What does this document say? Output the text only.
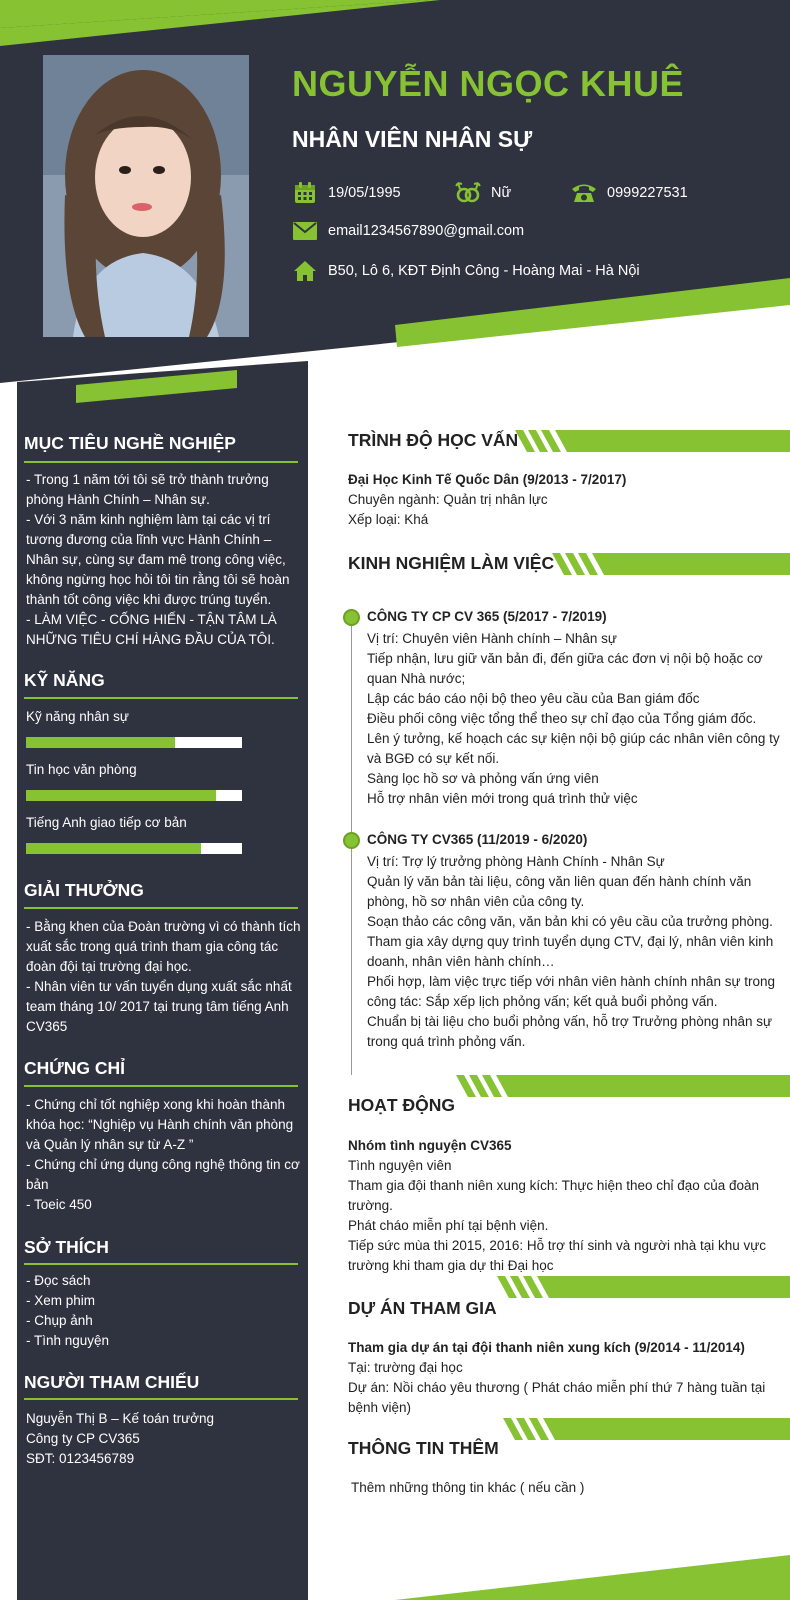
NGUYỄN NGỌC KHUÊ
NHÂN VIÊN NHÂN SỰ
19/05/1995	Nữ	0999227531
email1234567890@gmail.com
B50, Lô 6, KĐT Định Công - Hoàng Mai - Hà Nội
MỤC TIÊU NGHỀ NGHIỆP

- Trong 1 năm tới tôi sẽ trở thành trưởng phòng Hành Chính – Nhân sự.

- Với 3 năm kinh nghiệm làm tại các vị trí tương đương của lĩnh vực Hành Chính – Nhân sự, cùng sự đam mê trong công việc, không ngừng học hỏi tôi tin rằng tôi sẽ hoàn thành tốt công việc khi được trúng tuyển.

- LÀM VIỆC - CỐNG HIẾN - TẬN TÂM LÀ NHỮNG TIÊU CHÍ HÀNG ĐẦU CỦA TÔI.

KỸ NĂNG
Kỹ năng nhân sự
Tin học văn phòng
Tiếng Anh giao tiếp cơ bản
GIẢI THƯỞNG

- Bằng khen của Đoàn trường vì có thành tích xuất sắc trong quá trình tham gia công tác đoàn đội tại trường đại học.

- Nhân viên tư vấn tuyển dụng xuất sắc nhất team tháng 10/ 2017 tại trung tâm tiếng Anh CV365

CHỨNG CHỈ

- Chứng chỉ tốt nghiệp xong khi hoàn thành khóa học: “Nghiệp vụ Hành chính văn phòng và Quản lý nhân sự từ A-Z ”

- Chứng chỉ ứng dụng công nghệ thông tin cơ bản

- Toeic 450

SỞ THÍCH

- Đọc sách

- Xem phim

- Chụp ảnh

- Tình nguyện

NGƯỜI THAM CHIẾU

Nguyễn Thị B – Kế toán trưởng

Công ty CP CV365

SĐT: 0123456789

TRÌNH ĐỘ HỌC VẤN

Đại Học Kinh Tế Quốc Dân (9/2013 - 7/2017)

Chuyên ngành: Quản trị nhân lực

Xếp loại: Khá

KINH NGHIỆM LÀM VIỆC

CÔNG TY CP CV 365 (5/2017 - 7/2019)

Vị trí: Chuyên viên Hành chính – Nhân sự

Tiếp nhận, lưu giữ văn bản đi, đến giữa các đơn vị nội bộ hoặc cơ quan Nhà nước;

Lập các báo cáo nội bộ theo yêu cầu của Ban giám đốc

Điều phối công việc tổng thể theo sự chỉ đạo của Tổng giám đốc.

Lên ý tưởng, kế hoạch các sự kiện nội bộ giúp các nhân viên công ty và BGĐ có sự kết nối.

Sàng lọc hồ sơ và phỏng vấn ứng viên

Hỗ trợ nhân viên mới trong quá trình thử việc

CÔNG TY CV365 (11/2019 - 6/2020)

Vị trí: Trợ lý trưởng phòng Hành Chính - Nhân Sự

Quản lý văn bản tài liệu, công văn liên quan đến hành chính văn phòng, hồ sơ nhân viên của công ty.

Soạn thảo các công văn, văn bản khi có yêu cầu của trưởng phòng.

Tham gia xây dựng quy trình tuyển dụng CTV, đại lý, nhân viên kinh doanh, nhân viên hành chính…

Phối hợp, làm việc trực tiếp với nhân viên hành chính nhân sự trong công tác: Sắp xếp lịch phỏng vấn; kết quả buổi phỏng vấn.

Chuẩn bị tài liệu cho buổi phỏng vấn, hỗ trợ Trưởng phòng nhân sự trong quá trình phỏng vấn.

HOẠT ĐỘNG

Nhóm tình nguyện CV365

Tình nguyện viên

Tham gia đội thanh niên xung kích: Thực hiện theo chỉ đạo của đoàn trường.

Phát cháo miễn phí tại bệnh viện.

Tiếp sức mùa thi 2015, 2016: Hỗ trợ thí sinh và người nhà tại khu vực trường khi tham gia dự thi Đại học

DỰ ÁN THAM GIA

Tham gia dự án tại đội thanh niên xung kích (9/2014 - 11/2014)

Tại: trường đại học

Dự án: Nồi cháo yêu thương ( Phát cháo miễn phí thứ 7 hàng tuần tại bệnh viện)

THÔNG TIN THÊM
Thêm những thông tin khác ( nếu cần )
